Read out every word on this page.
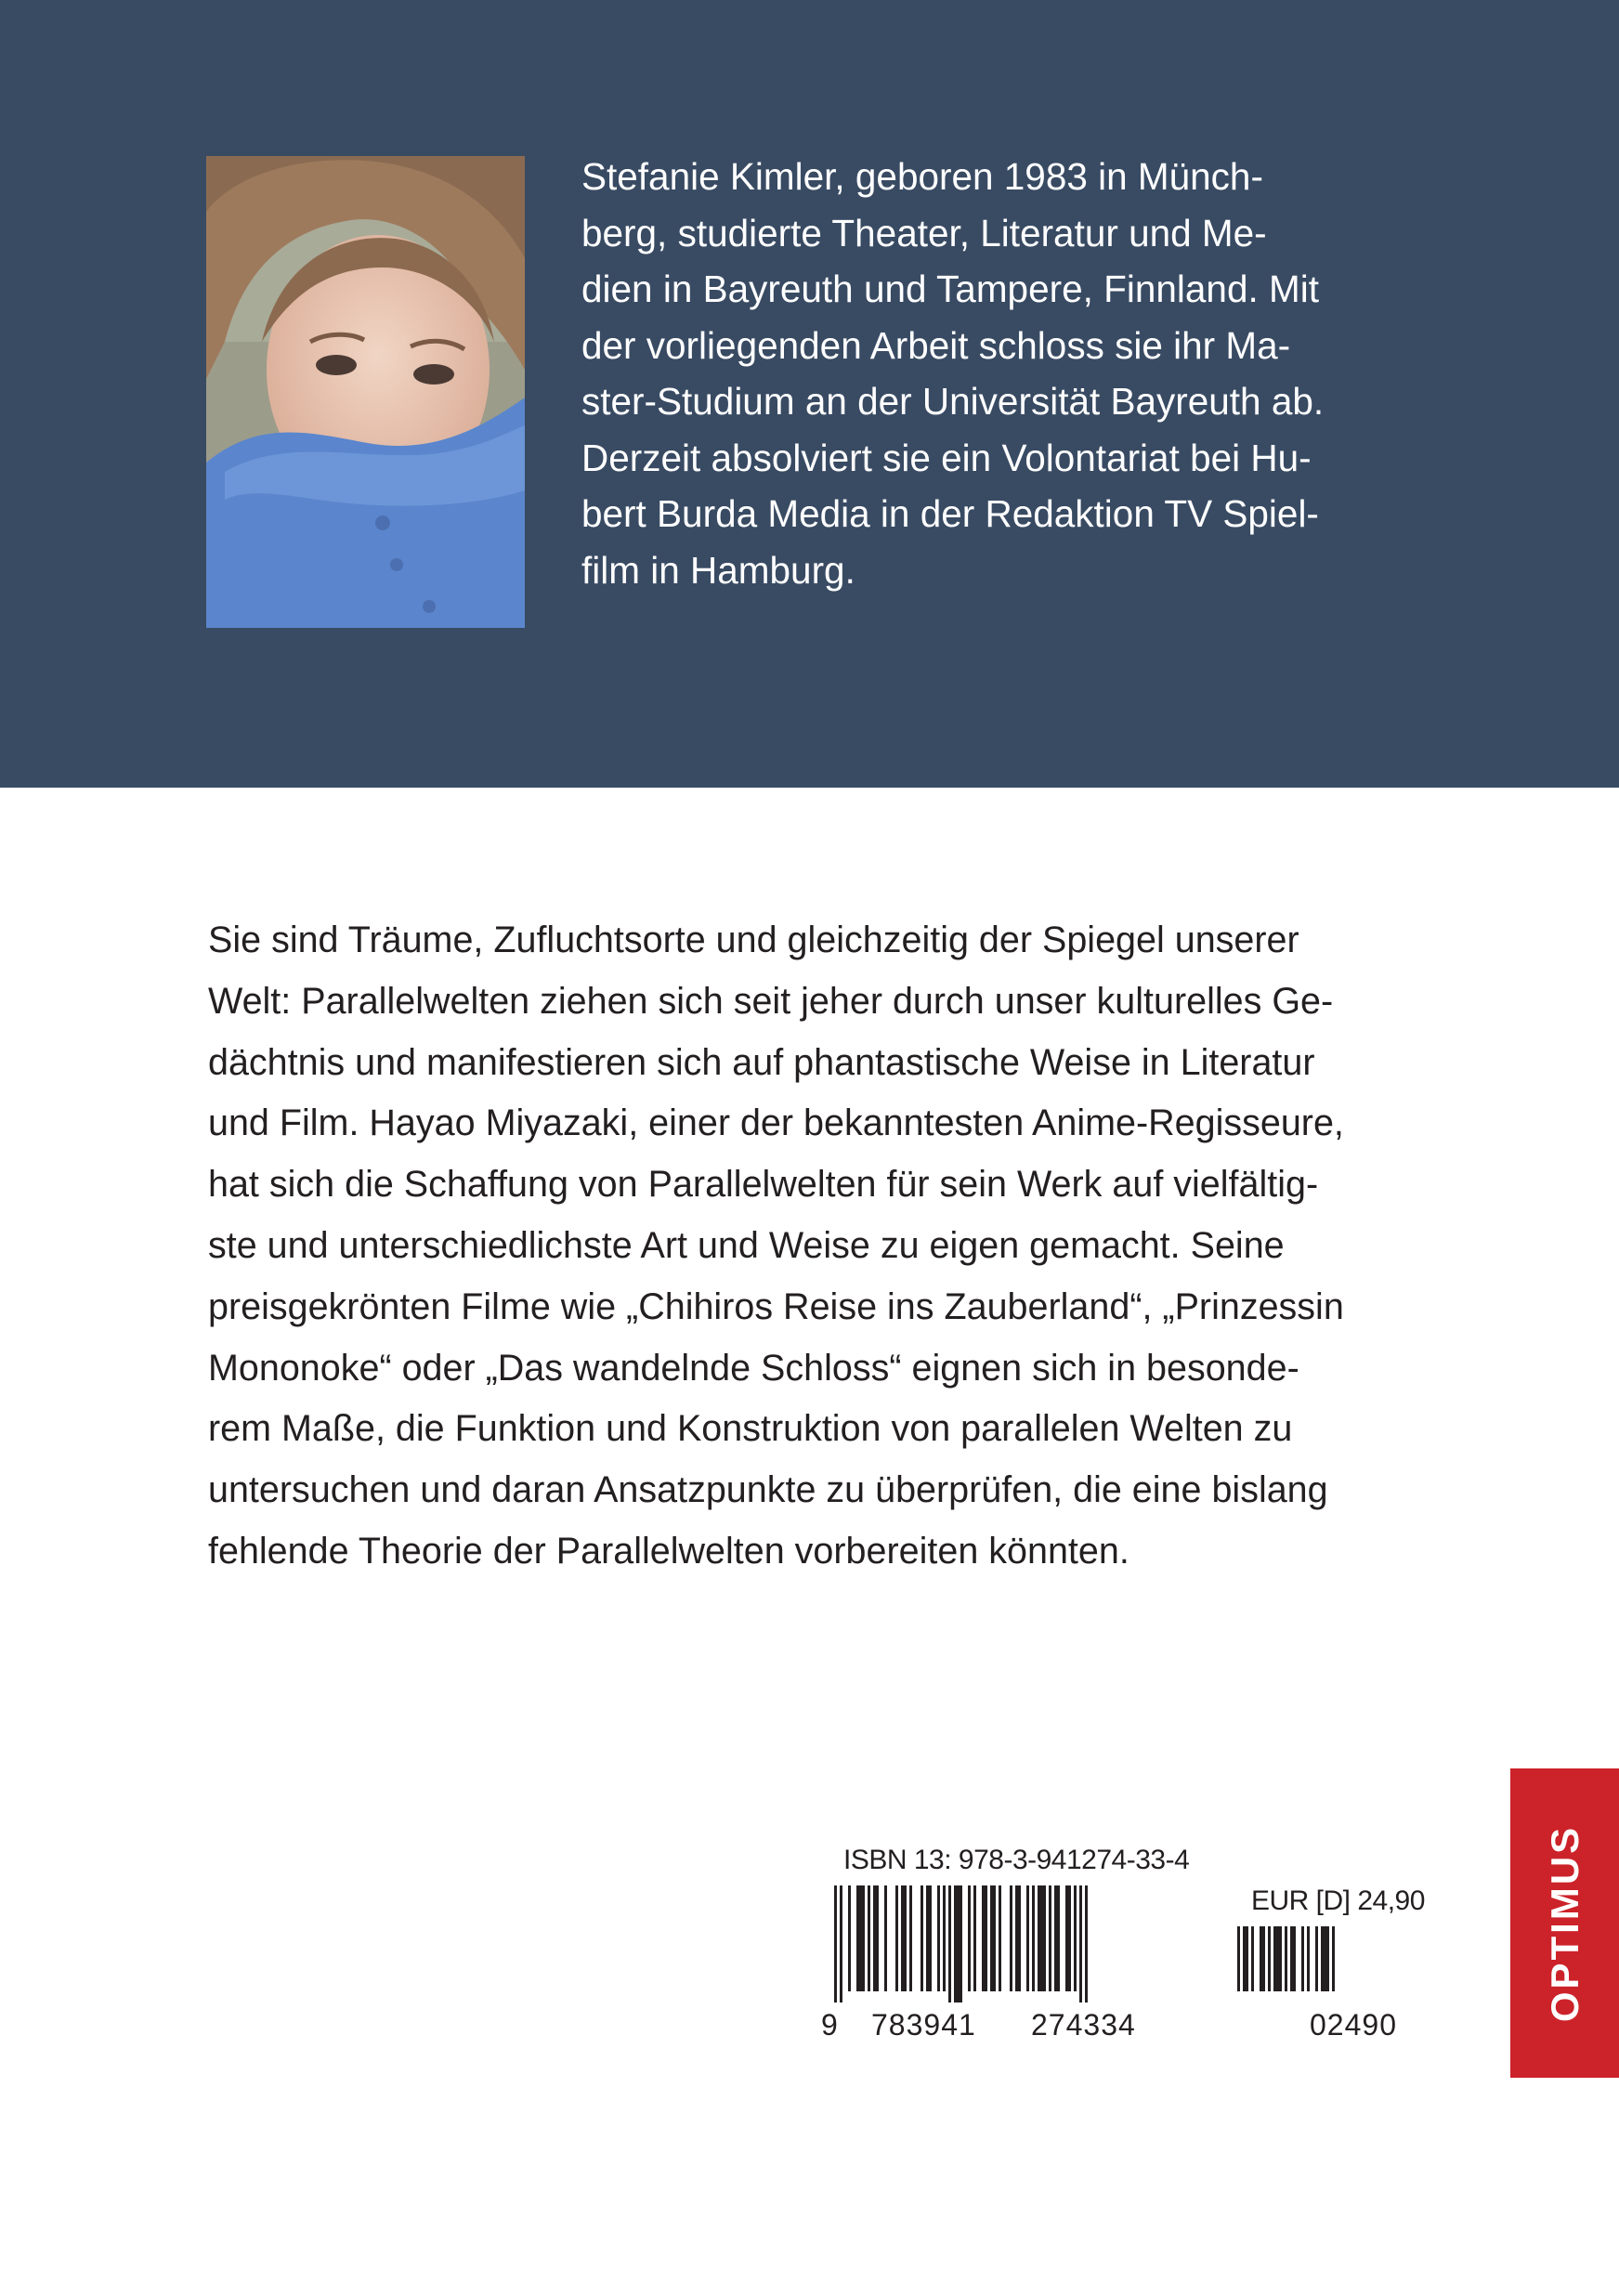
Stefanie Kimler, geboren 1983 in Münch-
berg, studierte Theater, Literatur und Me-
dien in Bayreuth und Tampere, Finnland. Mit
der vorliegenden Arbeit schloss sie ihr Ma-
ster-Studium an der Universität Bayreuth ab.
Derzeit absolviert sie ein Volontariat bei Hu-
bert Burda Media in der Redaktion TV Spiel-
film in Hamburg.

Sie sind Träume, Zufluchtsorte und gleichzeitig der Spiegel unserer
Welt: Parallelwelten ziehen sich seit jeher durch unser kulturelles Ge-
dächtnis und manifestieren sich auf phantastische Weise in Literatur
und Film. Hayao Miyazaki, einer der bekanntesten Anime-Regisseure,
hat sich die Schaffung von Parallelwelten für sein Werk auf vielfältig-
ste und unterschiedlichste Art und Weise zu eigen gemacht. Seine
preisgekrönten Filme wie „Chihiros Reise ins Zauberland“, „Prinzessin
Mononoke“ oder „Das wandelnde Schloss“ eignen sich in besonde-
rem Maße, die Funktion und Konstruktion von parallelen Welten zu
untersuchen und daran Ansatzpunkte zu überprüfen, die eine bislang
fehlende Theorie der Parallelwelten vorbereiten könnten.

ISBN 13: 978-3-941274-33-4
EUR [D] 24,90
9 783941 274334	02490
OPTIMUS
